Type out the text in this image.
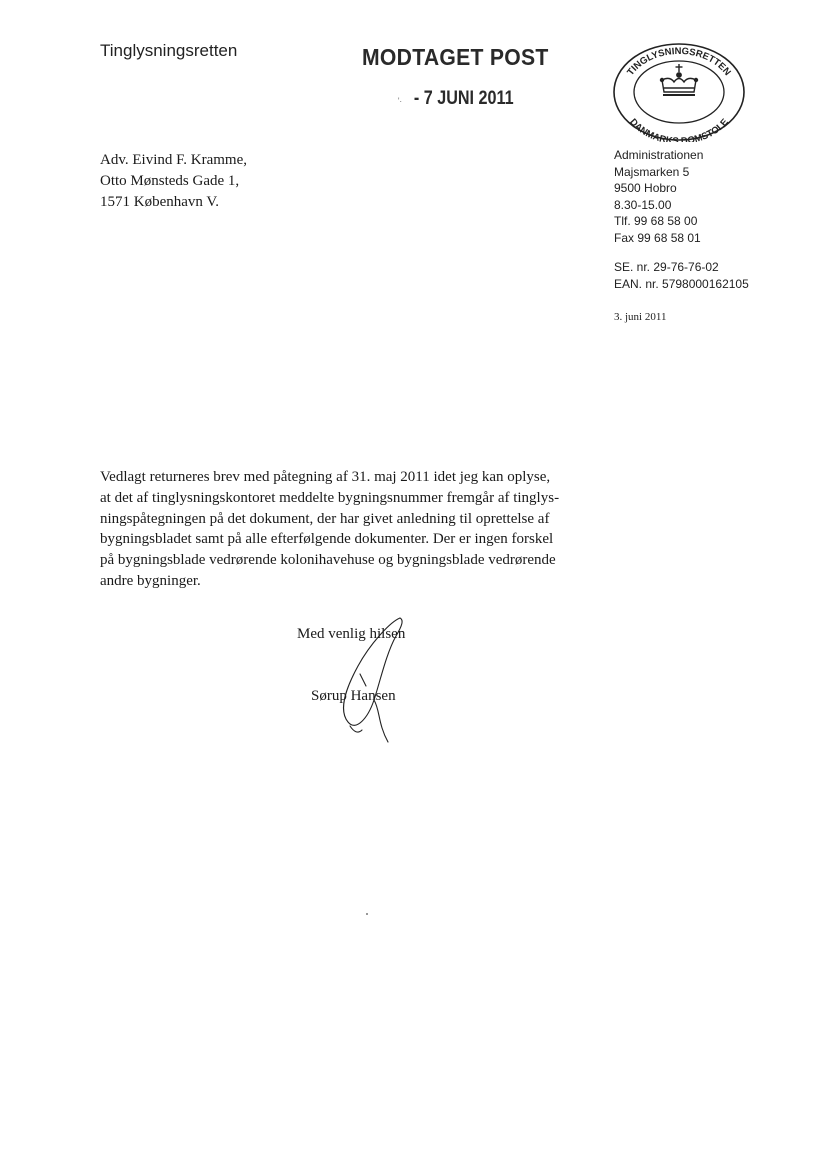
Tinglysningsretten	MODTAGET POST
'· - 7 JUNI 2011
TINGLYSNINGSRETTEN
DANMARKS DOMSTOLE
Adv. Eivind F. Kramme,
Otto Mønsteds Gade 1,
1571 København V.
Administrationen
Majsmarken 5
9500 Hobro
8.30-15.00
Tlf. 99 68 58 00
Fax 99 68 58 01
SE. nr. 29-76-76-02
EAN. nr. 5798000162105
3. juni 2011
Vedlagt returneres brev med påtegning af 31. maj 2011 idet jeg kan oplyse,
at det af tinglysningskontoret meddelte bygningsnummer fremgår af tinglys-
ningspåtegningen på det dokument, der har givet anledning til oprettelse af
bygningsbladet samt på alle efterfølgende dokumenter. Der er ingen forskel
på bygningsblade vedrørende kolonihavehuse og bygningsblade vedrørende
andre bygninger.
Med venlig hilsen
Sørup Hansen
